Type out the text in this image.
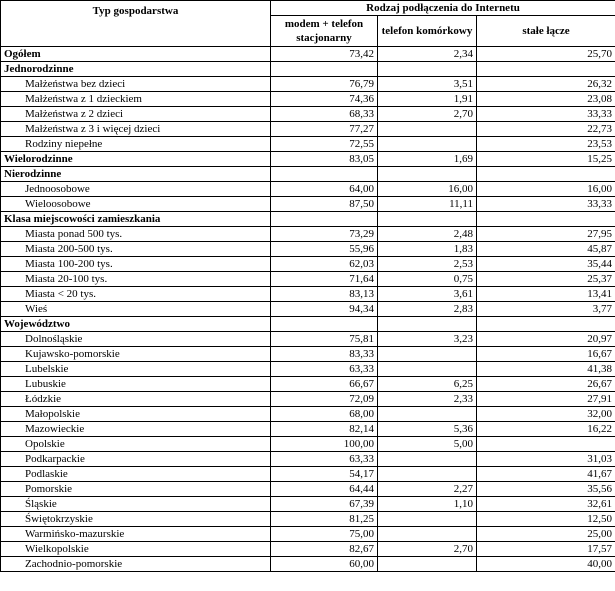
Typ gospodarstwa	Rodzaj podłączenia do Internetu		
	modem + telefon stacjonarny	telefon komórkowy	stałe łącze
Ogółem	73,42	2,34	25,70
Jednorodzinne			
Małżeństwa bez dzieci	76,79	3,51	26,32
Małżeństwa z 1 dzieckiem	74,36	1,91	23,08
Małżeństwa z 2 dzieci	68,33	2,70	33,33
Małżeństwa z 3 i więcej dzieci	77,27		22,73
Rodziny niepełne	72,55		23,53
Wielorodzinne	83,05	1,69	15,25
Nierodzinne			
Jednoosobowe	64,00	16,00	16,00
Wieloosobowe	87,50	11,11	33,33
Klasa miejscowości zamieszkania			
Miasta ponad 500 tys.	73,29	2,48	27,95
Miasta 200-500 tys.	55,96	1,83	45,87
Miasta 100-200 tys.	62,03	2,53	35,44
Miasta 20-100 tys.	71,64	0,75	25,37
Miasta < 20 tys.	83,13	3,61	13,41
Wieś	94,34	2,83	3,77
Województwo			
Dolnośląskie	75,81	3,23	20,97
Kujawsko-pomorskie	83,33		16,67
Lubelskie	63,33		41,38
Lubuskie	66,67	6,25	26,67
Łódzkie	72,09	2,33	27,91
Małopolskie	68,00		32,00
Mazowieckie	82,14	5,36	16,22
Opolskie	100,00	5,00	
Podkarpackie	63,33		31,03
Podlaskie	54,17		41,67
Pomorskie	64,44	2,27	35,56
Śląskie	67,39	1,10	32,61
Świętokrzyskie	81,25		12,50
Warmińsko-mazurskie	75,00		25,00
Wielkopolskie	82,67	2,70	17,57
Zachodnio-pomorskie	60,00		40,00
